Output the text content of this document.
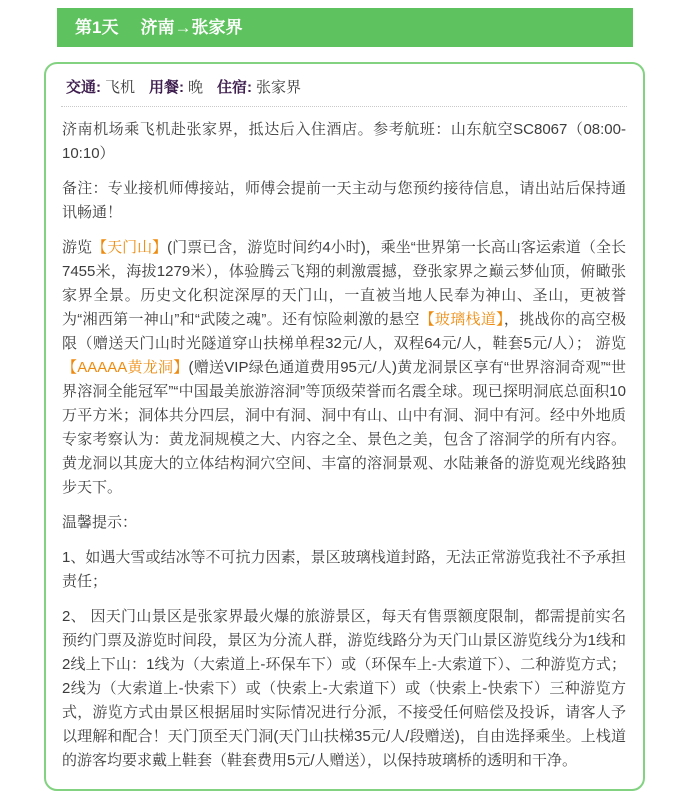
第1天 济南→张家界
交通: 飞机 用餐: 晚 住宿: 张家界

济南机场乘飞机赴张家界，抵达后入住酒店。参考航班：山东航空SC8067（08:00-10:10）

备注：专业接机师傅接站，师傅会提前一天主动与您预约接待信息，请出站后保持通讯畅通！

游览【天门山】(门票已含，游览时间约4小时)，乘坐“世界第一长高山客运索道（全长7455米，海拔1279米），体验腾云飞翔的刺激震撼，登张家界之巅云梦仙顶，俯瞰张家界全景。历史文化积淀深厚的天门山，一直被当地人民奉为神山、圣山，更被誉为“湘西第一神山”和“武陵之魂”。还有惊险刺激的悬空【玻璃栈道】，挑战你的高空极限（赠送天门山时光隧道穿山扶梯单程32元/人，双程64元/人，鞋套5元/人）； 游览【AAAAA黄龙洞】(赠送VIP绿色通道费用95元/人)黄龙洞景区享有“世界溶洞奇观”“世界溶洞全能冠军”“中国最美旅游溶洞”等顶级荣誉而名震全球。现已探明洞底总面积10万平方米；洞体共分四层，洞中有洞、洞中有山、山中有洞、洞中有河。经中外地质专家考察认为：黄龙洞规模之大、内容之全、景色之美，包含了溶洞学的所有内容。黄龙洞以其庞大的立体结构洞穴空间、丰富的溶洞景观、水陆兼备的游览观光线路独步天下。

温馨提示：

1、如遇大雪或结冰等不可抗力因素，景区玻璃栈道封路，无法正常游览我社不予承担责任；

2、 因天门山景区是张家界最火爆的旅游景区，每天有售票额度限制，都需提前实名预约门票及游览时间段，景区为分流人群，游览线路分为天门山景区游览线分为1线和2线上下山：1线为（大索道上-环保车下）或（环保车上-大索道下）、二种游览方式；2线为（大索道上-快索下）或（快索上-大索道下）或（快索上-快索下）三种游览方式，游览方式由景区根据届时实际情况进行分派，不接受任何赔偿及投诉，请客人予以理解和配合！天门顶至天门洞(天门山扶梯35元/人/段赠送)，自由选择乘坐。上栈道的游客均要求戴上鞋套（鞋套费用5元/人赠送），以保持玻璃桥的透明和干净。
